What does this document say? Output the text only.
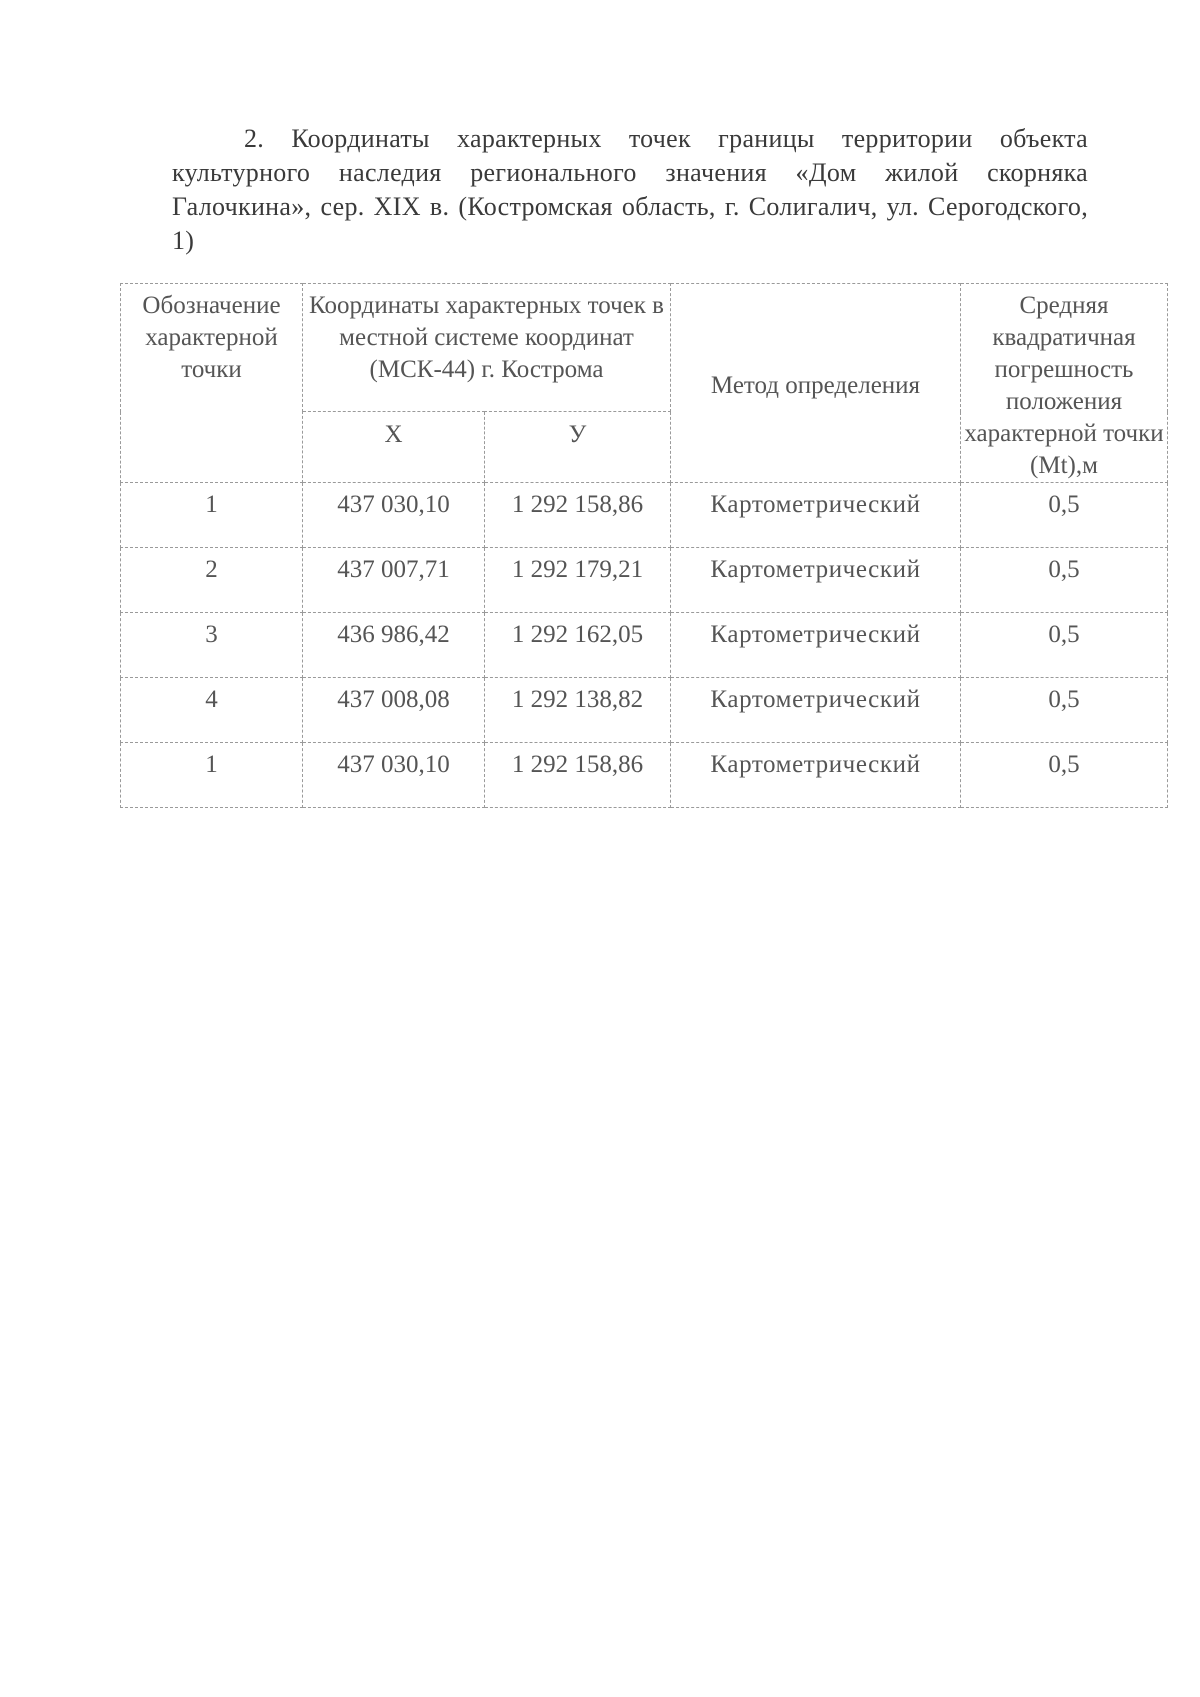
2. Координаты характерных точек границы территории объекта культурного наследия регионального значения «Дом жилой скорняка Галочкина», сер. XIX в. (Костромская область, г. Солигалич, ул. Серогодского, 1)
Обозначение характерной точки	Координаты характерных точек в местной системе координат (МСК-44) г. Кострома		Метод определения	Средняя квадратичная погрешность положения характерной точки (Mt),м
	X	У		
1	437 030,10	1 292 158,86	Картометрический	0,5
2	437 007,71	1 292 179,21	Картометрический	0,5
3	436 986,42	1 292 162,05	Картометрический	0,5
4	437 008,08	1 292 138,82	Картометрический	0,5
1	437 030,10	1 292 158,86	Картометрический	0,5
